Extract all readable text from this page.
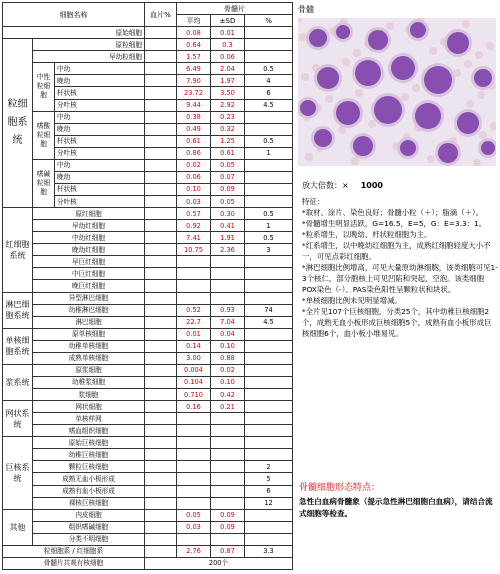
细胞名称			血片%	骨髓片		
				平均	±SD	%
原始细胞				0.08	0.01	
粒细胞系统	原粒细胞			0.64	0.3	
	早幼粒细胞			1.57	0.06	
	中性粒细胞	中幼		6.49	2.04	0.5
		晚幼		7.90	1.97	4
		杆状核		23.72	3.50	6
		分叶核		9.44	2.92	4.5
	嗜酸粒细胞	中幼		0.38	0.23	
		晚幼		0.49	0.32	
		杆状核		0.61	1.25	0.5
		分叶核		0.86	0.61	1
	嗜碱粒细胞	中幼		0.02	0.05	
		晚幼		0.06	0.07	
		杆状核		0.10	0.09	
		分叶核		0.03	0.05	
红细胞系统	原红细胞			0.57	0.30	0.5
	早幼红细胞			0.92	0.41	1
	中幼红细胞			7.41	1.91	0.5
	晚幼红细胞			10.75	2.36	3
	早巨红细胞					
	中巨红细胞					
	晚巨红细胞					
淋巴细胞系统	异型淋巴细胞					
	幼稚淋巴细胞			0.52	0.93	74
	淋巴细胞			22.7	7.04	4.5
单核细胞系统	原单核细胞			0.01	0.04	
	幼稚单核细胞			0.14	0.10	
	成熟单核细胞			3.00	0.88	
浆系统	原浆细胞			0.004	0.02	
	幼稚浆细胞			0.104	0.10	
	浆细胞			0.710	0.42	
网状系统	网状细胞			0.16	0.21	
	单核样网					
	嗜血组织细胞					
巨核系统	原始巨核细胞					
	幼稚巨核细胞					
	颗粒巨核细胞					2
	成熟无血小板形成					5
	成熟有血小板形成					6
	裸核巨核细胞					12
其他	内皮细胞			0.05	0.09	
	组织嗜碱细胞			0.03	0.09	
	分类不明细胞					
粒细胞系 / 红细胞系				2.76	0.87	3.3
骨髓片共观有核细胞			200个			
骨髓
放大倍数：× 1000

特征：

*取材、涂片、染色良好；骨髓小粒（＋）；脂滴（＋）。

*骨髓增生明显活跃，G=16.5，E=5，G：E=3.3：1。

*粒系增生，以晚幼、杆状粒细胞为主。

*红系增生，以中晚幼红细胞为主，成熟红细胞轻度大小不一，可见点彩红细胞。

*淋巴细胞比例增高，可见大量原幼淋细胞，该类细胞可见1-3个核仁，部分胞核上可见凹陷和突起，空泡。该类细胞POX染色（-）、PAS染色阳性呈颗粒状和块状。

*单核细胞比例未见明显增减。

*全片见107个巨核细胞，分类25个，其中幼稚巨核细胞2个，成熟无血小板形成巨核细胞5个，成熟有血小板形成巨核细胞6个，血小板小堆易见。

骨髓细胞形态特点：
急性白血病骨髓象（提示急性淋巴细胞白血病），请结合流式细胞等检查。
